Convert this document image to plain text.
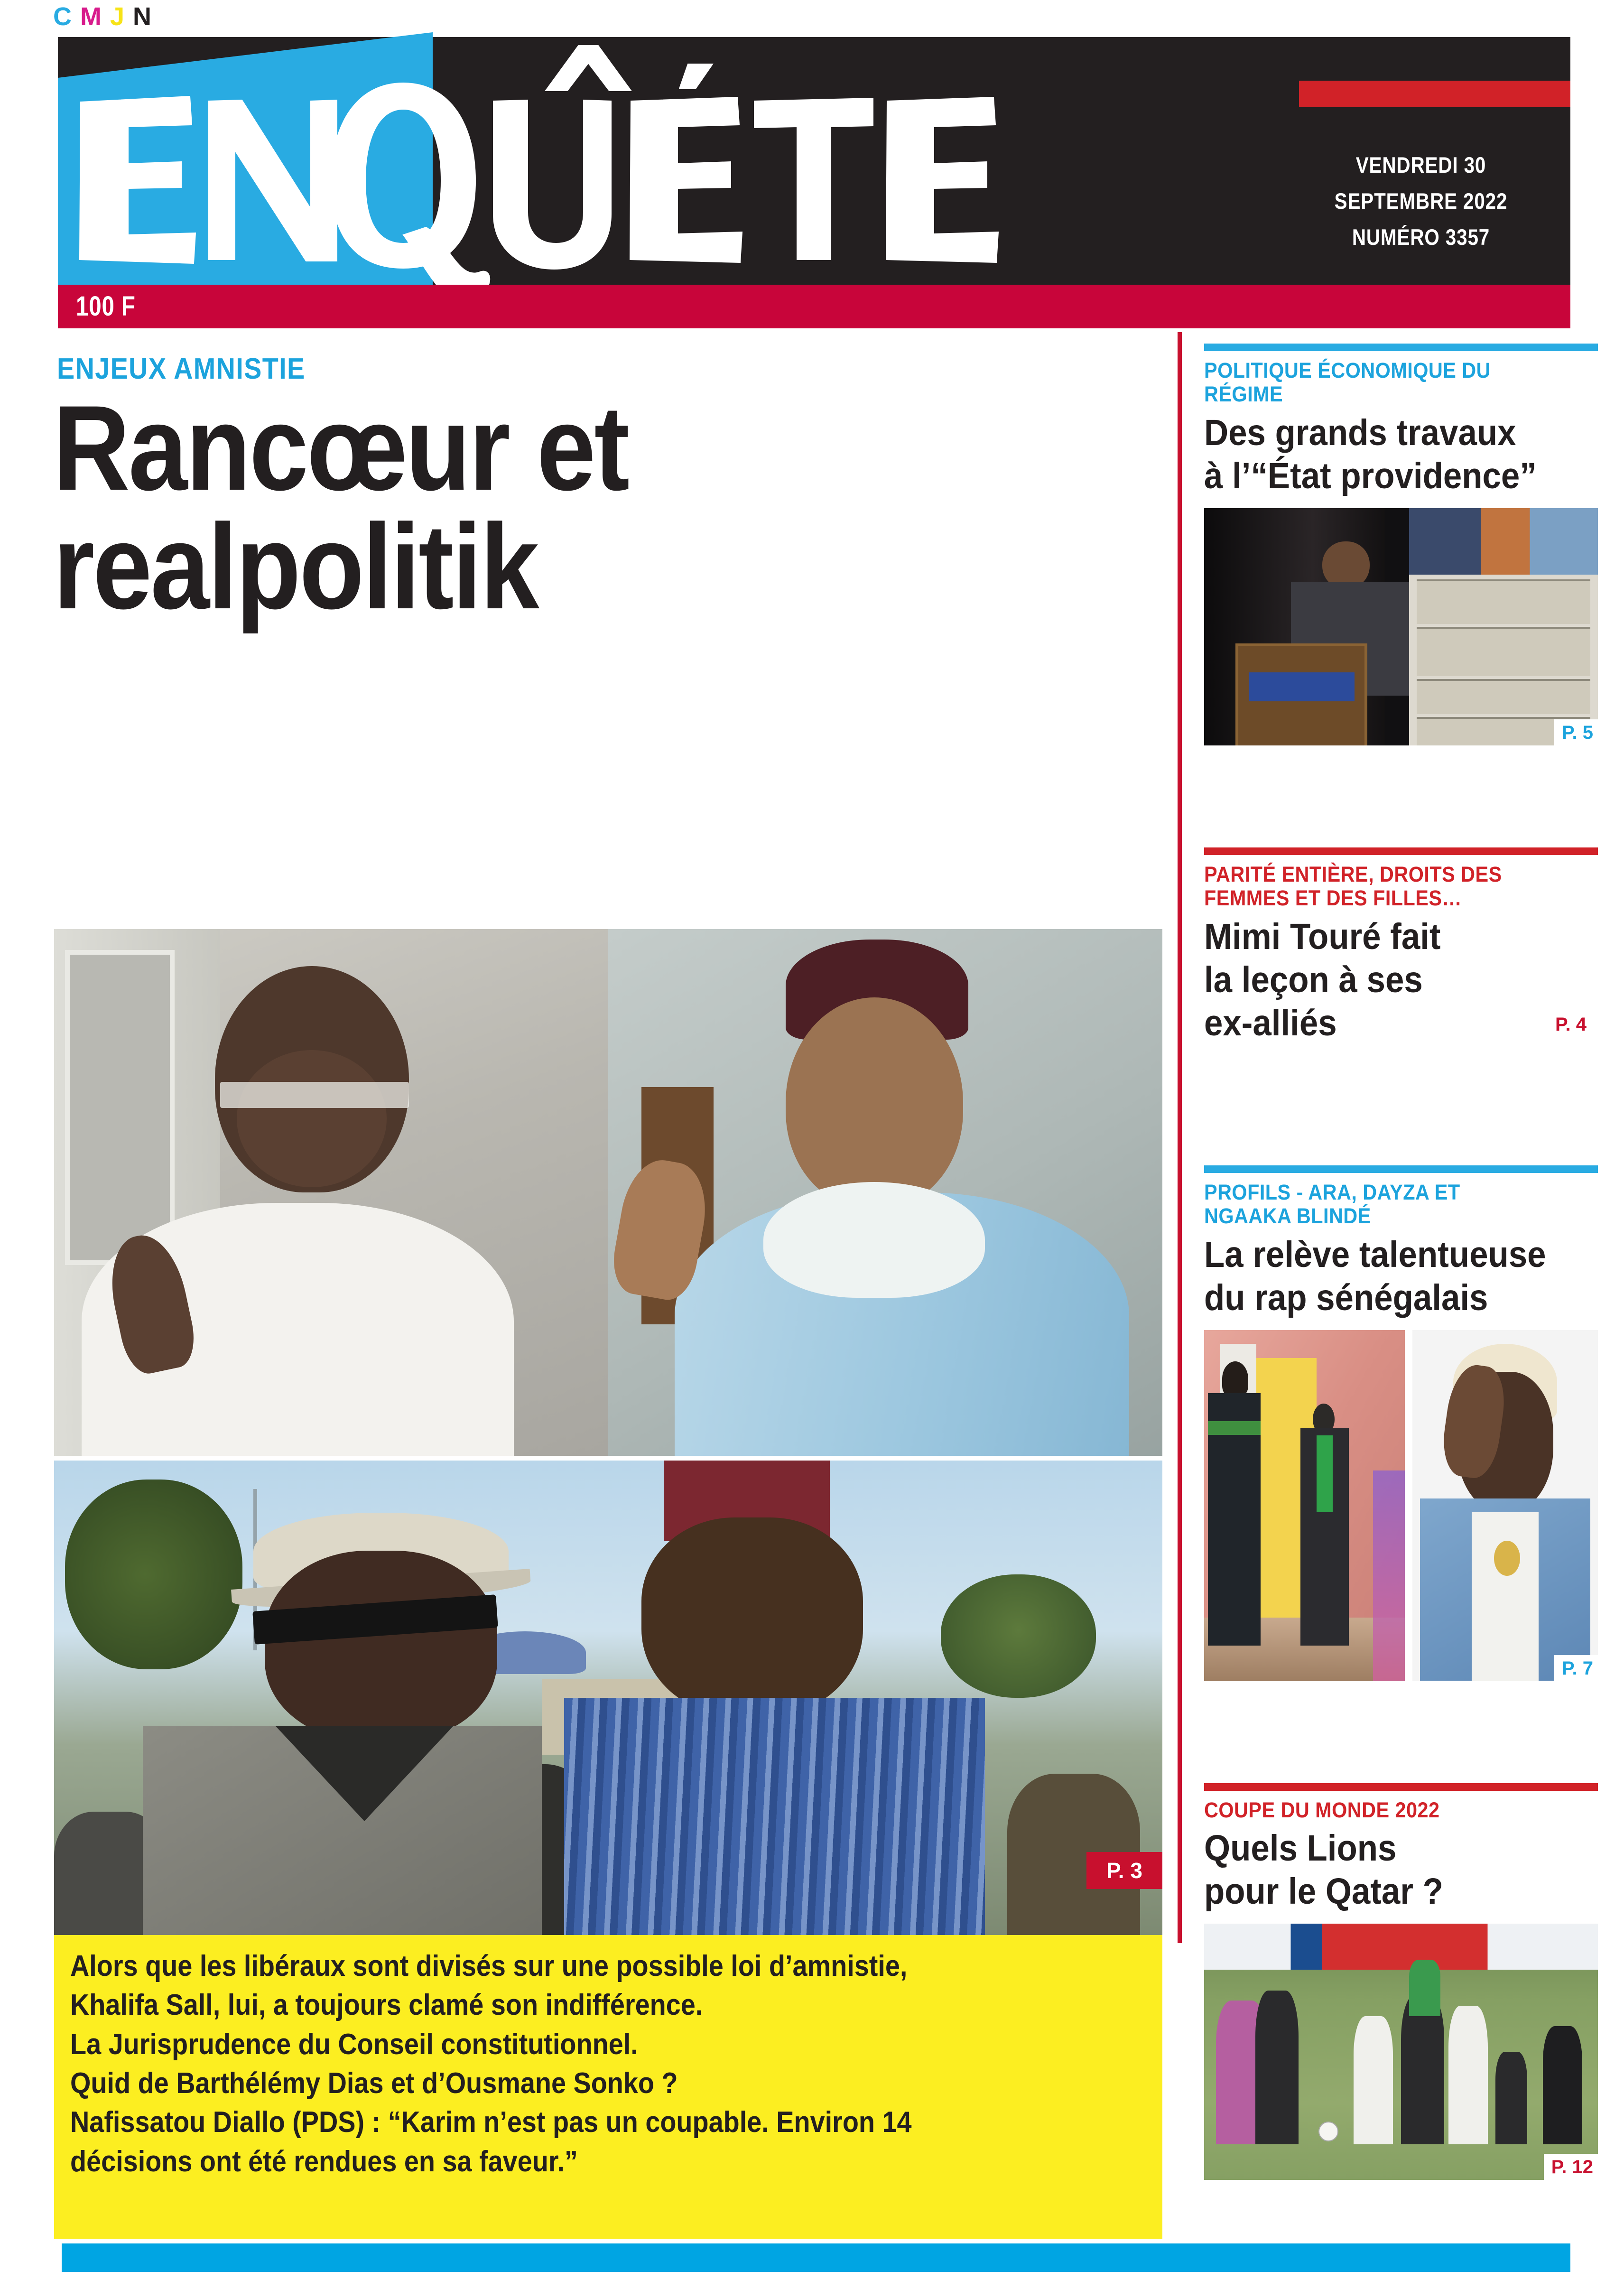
CMJN
VENDREDI 30
SEPTEMBRE 2022
NUMÉRO 3357
100 F
ENJEUX AMNISTIE
Rancœur et
realpolitik
P. 3

Alors que les libéraux sont divisés sur une possible loi d’amnistie,

Khalifa Sall, lui, a toujours clamé son indifférence.

La Jurisprudence du Conseil constitutionnel.

Quid de Barthélémy Dias et d’Ousmane Sonko ?

Nafissatou Diallo (PDS) : “Karim n’est pas un coupable. Environ 14

décisions ont été rendues en sa faveur.”

POLITIQUE ÉCONOMIQUE DU RÉGIME
Des grands travaux
à l’“État providence”
P. 5
PARITÉ ENTIÈRE, DROITS DES
FEMMES ET DES FILLES…
Mimi Touré fait
la leçon à ses
ex-alliés	P. 4
PROFILS - ARA, DAYZA ET
NGAAKA BLINDÉ
La relève talentueuse
du rap sénégalais
P. 7
COUPE DU MONDE 2022
Quels Lions
pour le Qatar ?
P. 12
